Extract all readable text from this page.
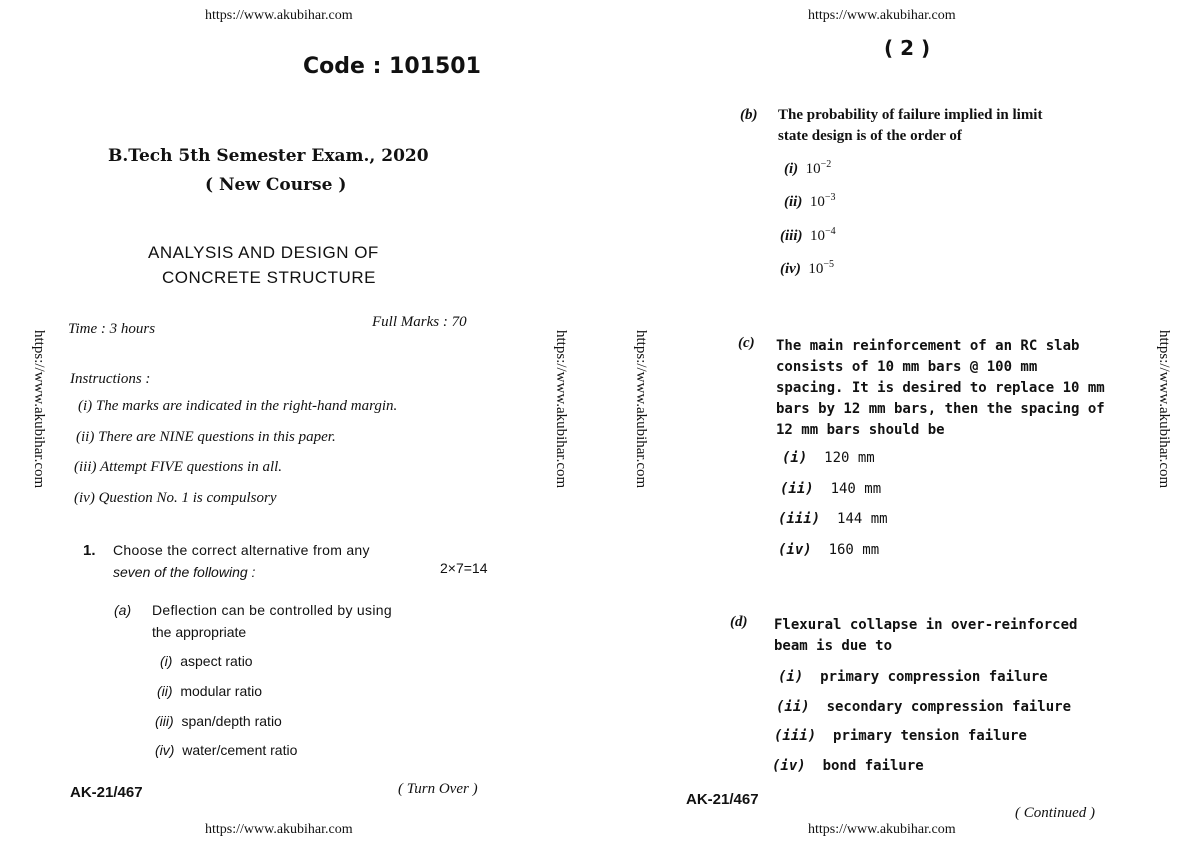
https://www.akubihar.com	https://www.akubihar.com
https://www.akubihar.com	https://www.akubihar.com
https://www.akubihar.com	https://www.akubihar.com	https://www.akubihar.com	https://www.akubihar.com
Code : 101501
B.Tech 5th Semester Exam., 2020
( New Course )
ANALYSIS AND DESIGN OF
CONCRETE STRUCTURE
Time : 3 hours	Full Marks : 70
Instructions :
(i) The marks are indicated in the right-hand margin.
(ii) There are NINE questions in this paper.
(iii) Attempt FIVE questions in all.
(iv) Question No. 1 is compulsory
1. Choose the correct alternative from any
seven of the following :	2×7=14
(a) Deflection can be controlled by using
the appropriate
(i) aspect ratio
(ii) modular ratio
(iii) span/depth ratio
(iv) water/cement ratio
AK-21/467	( Turn Over )
( 2 )
(b) The probability of failure implied in limit
state design is of the order of
(i) $10^{-2}$
(ii) $10^{-3}$
(iii) $10^{-4}$
(iv) $10^{-5}$
(c) The main reinforcement of an RC slab
consists of 10 mm bars @ 100 mm
spacing. It is desired to replace 10 mm
bars by 12 mm bars, then the spacing of
12 mm bars should be
(i) 120 mm
(ii) 140 mm
(iii) 144 mm
(iv) 160 mm
(d) Flexural collapse in over-reinforced
beam is due to
(i) primary compression failure
(ii) secondary compression failure
(iii) primary tension failure
(iv) bond failure
AK-21/467
( Continued )
